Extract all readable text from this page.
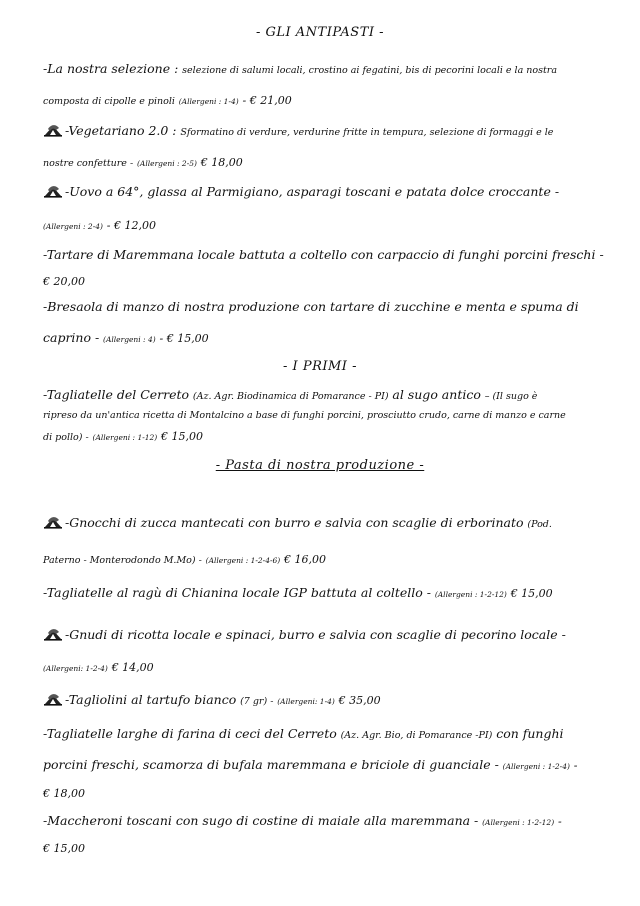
- GLI ANTIPASTI -
-La nostra selezione : selezione di salumi locali, crostino ai fegatini, bis di pecorini locali e la nostra
composta di cipolle e pinoli (Allergeni : 1-4) - € 21,00
-Vegetariano 2.0 : Sformatino di verdure, verdurine fritte in tempura, selezione di formaggi e le
nostre confetture - (Allergeni : 2-5) € 18,00
-Uovo a 64°, glassa al Parmigiano, asparagi toscani e patata dolce croccante -
(Allergeni : 2-4) - € 12,00
-Tartare di Maremmana locale battuta a coltello con carpaccio di funghi porcini freschi -
€ 20,00
-Bresaola di manzo di nostra produzione con tartare di zucchine e menta e spuma di
caprino - (Allergeni : 4) - € 15,00
- I PRIMI -
-Tagliatelle del Cerreto (Az. Agr. Biodinamica di Pomarance - PI) al sugo antico – (Il sugo è
ripreso da un'antica ricetta di Montalcino a base di funghi porcini, prosciutto crudo, carne di manzo e carne
di pollo) - (Allergeni : 1-12) € 15,00
- Pasta di nostra produzione -
-Gnocchi di zucca mantecati con burro e salvia con scaglie di erborinato (Pod.
Paterno - Monterodondo M.Mo) - (Allergeni : 1-2-4-6) € 16,00
-Tagliatelle al ragù di Chianina locale IGP battuta al coltello - (Allergeni : 1-2-12) € 15,00
-Gnudi di ricotta locale e spinaci, burro e salvia con scaglie di pecorino locale -
(Allergeni: 1-2-4) € 14,00
-Tagliolini al tartufo bianco (7 gr) - (Allergeni: 1-4) € 35,00
-Tagliatelle larghe di farina di ceci del Cerreto (Az. Agr. Bio, di Pomarance -PI) con funghi
porcini freschi, scamorza di bufala maremmana e briciole di guanciale - (Allergeni : 1-2-4) -
€ 18,00
-Maccheroni toscani con sugo di costine di maiale alla maremmana - (Allergeni : 1-2-12) -
€ 15,00
